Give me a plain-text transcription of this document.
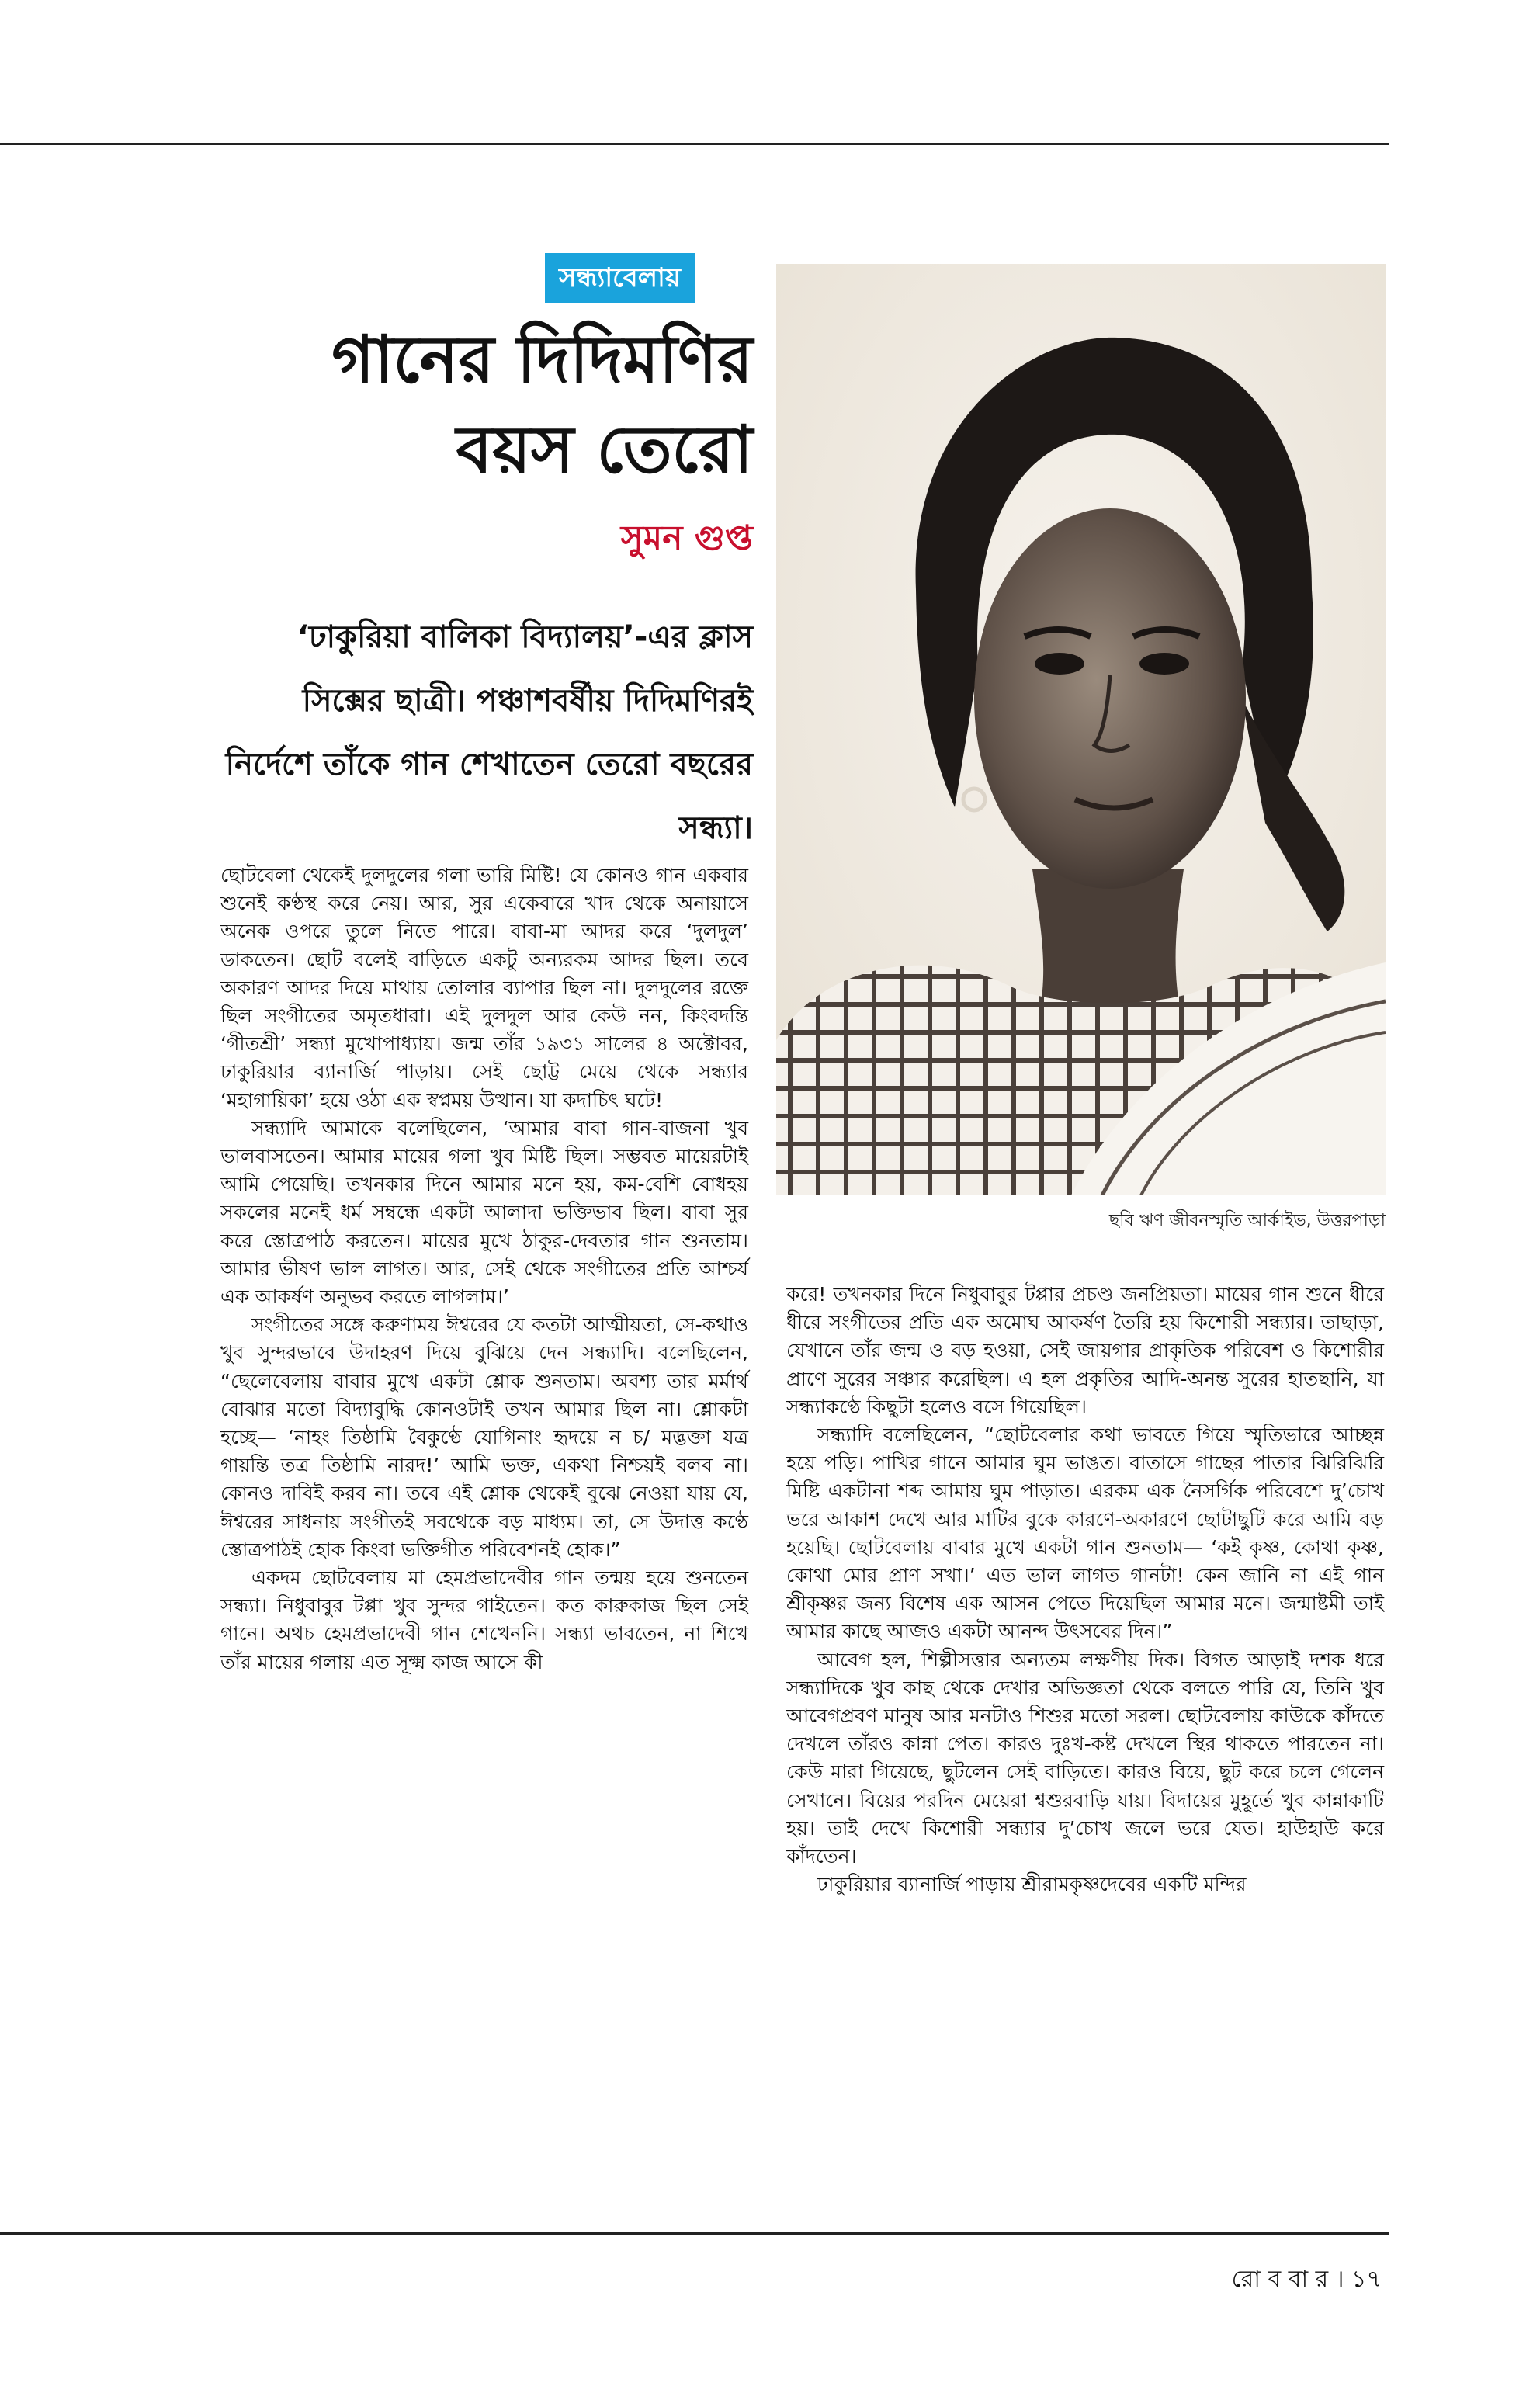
সন্ধ্যাবেলায়
গানের দিদিমণির
বয়স তেরো
সুমন গুপ্ত
‘ঢাকুরিয়া বালিকা বিদ্যালয়’-এর ক্লাস সিক্সের ছাত্রী। পঞ্চাশবর্ষীয় দিদিমণিরই নির্দেশে তাঁকে গান শেখাতেন তেরো বছরের সন্ধ্যা।
ছবি ঋণ জীবনস্মৃতি আর্কাইভ, উত্তরপাড়া

ছোটবেলা থেকেই দুলদুলের গলা ভারি মিষ্টি! যে কোনও গান একবার শুনেই কণ্ঠস্থ করে নেয়। আর, সুর একেবারে খাদ থেকে অনায়াসে অনেক ওপরে তুলে নিতে পারে। বাবা-মা আদর করে ‘দুলদুল’ ডাকতেন। ছোট বলেই বাড়িতে একটু অন্যরকম আদর ছিল। তবে অকারণ আদর দিয়ে মাথায় তোলার ব্যাপার ছিল না। দুলদুলের রক্তে ছিল সংগীতের অমৃতধারা। এই দুলদুল আর কেউ নন, কিংবদন্তি ‘গীতশ্রী’ সন্ধ্যা মুখোপাধ্যায়। জন্ম তাঁর ১৯৩১ সালের ৪ অক্টোবর, ঢাকুরিয়ার ব্যানার্জি পাড়ায়। সেই ছোট্ট মেয়ে থেকে সন্ধ্যার ‘মহাগায়িকা’ হয়ে ওঠা এক স্বপ্নময় উত্থান। যা কদাচিৎ ঘটে!

সন্ধ্যাদি আমাকে বলেছিলেন, ‘আমার বাবা গান-বাজনা খুব ভালবাসতেন। আমার মায়ের গলা খুব মিষ্টি ছিল। সম্ভবত মায়েরটাই আমি পেয়েছি। তখনকার দিনে আমার মনে হয়, কম-বেশি বোধহয় সকলের মনেই ধর্ম সম্বন্ধে একটা আলাদা ভক্তিভাব ছিল। বাবা সুর করে স্তোত্রপাঠ করতেন। মায়ের মুখে ঠাকুর-দেবতার গান শুনতাম। আমার ভীষণ ভাল লাগত। আর, সেই থেকে সংগীতের প্রতি আশ্চর্য এক আকর্ষণ অনুভব করতে লাগলাম।’

সংগীতের সঙ্গে করুণাময় ঈশ্বরের যে কতটা আত্মীয়তা, সে-কথাও খুব সুন্দরভাবে উদাহরণ দিয়ে বুঝিয়ে দেন সন্ধ্যাদি। বলেছিলেন, “ছেলেবেলায় বাবার মুখে একটা শ্লোক শুনতাম। অবশ্য তার মর্মার্থ বোঝার মতো বিদ্যাবুদ্ধি কোনওটাই তখন আমার ছিল না। শ্লোকটা হচ্ছে— ‘নাহং তিষ্ঠামি বৈকুণ্ঠে যোগিনাং হৃদয়ে ন চ/ মদ্ভক্তা যত্র গায়ন্তি তত্র তিষ্ঠামি নারদ!’ আমি ভক্ত, একথা নিশ্চয়ই বলব না। কোনও দাবিই করব না। তবে এই শ্লোক থেকেই বুঝে নেওয়া যায় যে, ঈশ্বরের সাধনায় সংগীতই সবথেকে বড় মাধ্যম। তা, সে উদাত্ত কণ্ঠে স্তোত্রপাঠই হোক কিংবা ভক্তিগীত পরিবেশনই হোক।”

একদম ছোটবেলায় মা হেমপ্রভাদেবীর গান তন্ময় হয়ে শুনতেন সন্ধ্যা। নিধুবাবুর টপ্পা খুব সুন্দর গাইতেন। কত কারুকাজ ছিল সেই গানে। অথচ হেমপ্রভাদেবী গান শেখেননি। সন্ধ্যা ভাবতেন, না শিখে তাঁর মায়ের গলায় এত সূক্ষ্ম কাজ আসে কী

করে! তখনকার দিনে নিধুবাবুর টপ্পার প্রচণ্ড জনপ্রিয়তা। মায়ের গান শুনে ধীরে ধীরে সংগীতের প্রতি এক অমোঘ আকর্ষণ তৈরি হয় কিশোরী সন্ধ্যার। তাছাড়া, যেখানে তাঁর জন্ম ও বড় হওয়া, সেই জায়গার প্রাকৃতিক পরিবেশ ও কিশোরীর প্রাণে সুরের সঞ্চার করেছিল। এ হল প্রকৃতির আদি-অনন্ত সুরের হাতছানি, যা সন্ধ্যাকণ্ঠে কিছুটা হলেও বসে গিয়েছিল।

সন্ধ্যাদি বলেছিলেন, “ছোটবেলার কথা ভাবতে গিয়ে স্মৃতিভারে আচ্ছন্ন হয়ে পড়ি। পাখির গানে আমার ঘুম ভাঙত। বাতাসে গাছের পাতার ঝিরিঝিরি মিষ্টি একটানা শব্দ আমায় ঘুম পাড়াত। এরকম এক নৈসর্গিক পরিবেশে দু’চোখ ভরে আকাশ দেখে আর মাটির বুকে কারণে-অকারণে ছোটাছুটি করে আমি বড় হয়েছি। ছোটবেলায় বাবার মুখে একটা গান শুনতাম— ‘কই কৃষ্ণ, কোথা কৃষ্ণ, কোথা মোর প্রাণ সখা।’ এত ভাল লাগত গানটা! কেন জানি না এই গান শ্রীকৃষ্ণর জন্য বিশেষ এক আসন পেতে দিয়েছিল আমার মনে। জন্মাষ্টমী তাই আমার কাছে আজও একটা আনন্দ উৎসবের দিন।”

আবেগ হল, শিল্পীসত্তার অন্যতম লক্ষণীয় দিক। বিগত আড়াই দশক ধরে সন্ধ্যাদিকে খুব কাছ থেকে দেখার অভিজ্ঞতা থেকে বলতে পারি যে, তিনি খুব আবেগপ্রবণ মানুষ আর মনটাও শিশুর মতো সরল। ছোটবেলায় কাউকে কাঁদতে দেখলে তাঁরও কান্না পেত। কারও দুঃখ-কষ্ট দেখলে স্থির থাকতে পারতেন না। কেউ মারা গিয়েছে, ছুটলেন সেই বাড়িতে। কারও বিয়ে, ছুট করে চলে গেলেন সেখানে। বিয়ের পরদিন মেয়েরা শ্বশুরবাড়ি যায়। বিদায়ের মুহূর্তে খুব কান্নাকাটি হয়। তাই দেখে কিশোরী সন্ধ্যার দু’চোখ জলে ভরে যেত। হাউহাউ করে কাঁদতেন।

ঢাকুরিয়ার ব্যানার্জি পাড়ায় শ্রীরামকৃষ্ণদেবের একটি মন্দির

রো ব বা র । ১৭
